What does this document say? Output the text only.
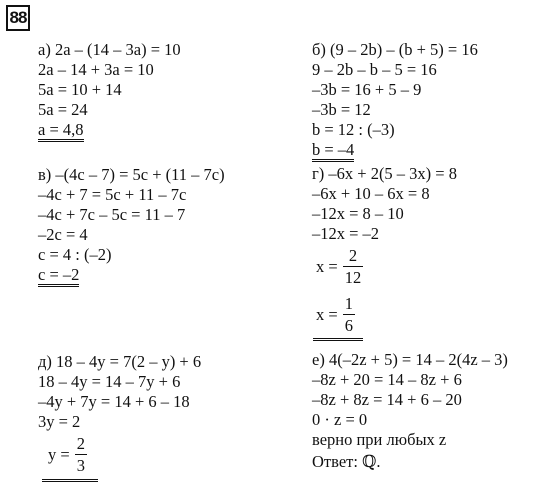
88
а) 2a – (14 – 3a) = 10
2a – 14 + 3a = 10
5a = 10 + 14
5a = 24
a = 4,8
б) (9 – 2b) – (b + 5) = 16
9 – 2b – b – 5 = 16
–3b = 16 + 5 – 9
–3b = 12
b = 12 : (–3)
b = –4
в) –(4c – 7) = 5c + (11 – 7c)
–4c + 7 = 5c + 11 – 7c
–4c + 7c – 5c = 11 – 7
–2c = 4
c = 4 : (–2)
c = –2
г) –6x + 2(5 – 3x) = 8
–6x + 10 – 6x = 8
–12x = 8 – 10
–12x = –2
$x = \frac{2}{12}$
$x = \frac{1}{6}$
д) 18 – 4y = 7(2 – y) + 6
18 – 4y = 14 – 7y + 6
–4y + 7y = 14 + 6 – 18
3y = 2
$y = \frac{2}{3}$
е) 4(–2z + 5) = 14 – 2(4z – 3)
–8z + 20 = 14 – 8z + 6
–8z + 8z = 14 + 6 – 20
0 · z = 0
верно при любых z
Ответ: ℚ.
